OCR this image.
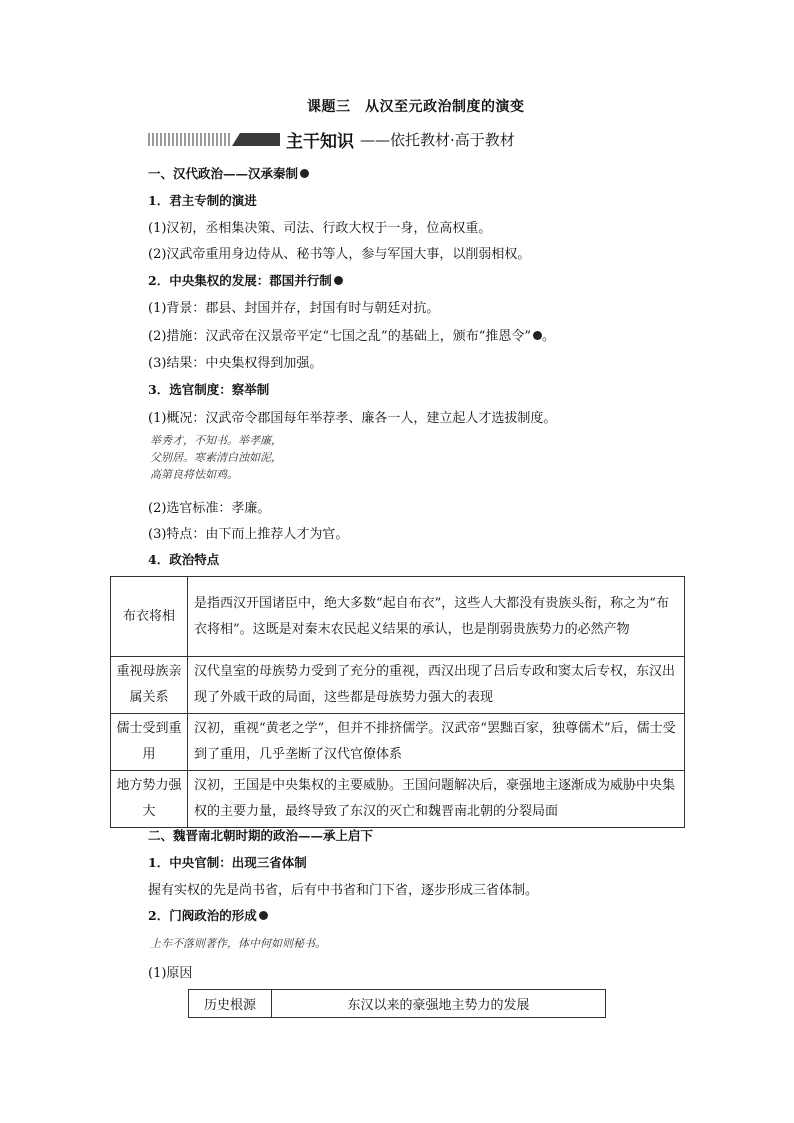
课题三　从汉至元政治制度的演变
主干知识 ——依托教材·高于教材
一、汉代政治——汉承秦制
1．君主专制的演进
(1)汉初，丞相集决策、司法、行政大权于一身，位高权重。
(2)汉武帝重用身边侍从、秘书等人，参与军国大事，以削弱相权。
2．中央集权的发展：郡国并行制
(1)背景：郡县、封国并存，封国有时与朝廷对抗。
(2)措施：汉武帝在汉景帝平定“七国之乱”的基础上，颁布“推恩令” 。
(3)结果：中央集权得到加强。
3．选官制度：察举制
(1)概况：汉武帝令郡国每年举荐孝、廉各一人，建立起人才选拔制度。
举秀才，不知书。举孝廉，
父别居。寒素清白浊如泥，
高第良将怯如鸡。
(2)选官标准：孝廉。
(3)特点：由下而上推荐人才为官。
4．政治特点
布衣将相	是指西汉开国诸臣中，绝大多数“起自布衣”，这些人大都没有贵族头衔，称之为“布衣将相”。这既是对秦末农民起义结果的承认，也是削弱贵族势力的必然产物
重视母族亲属关系	汉代皇室的母族势力受到了充分的重视，西汉出现了吕后专政和窦太后专权，东汉出现了外戚干政的局面，这些都是母族势力强大的表现
儒士受到重用	汉初，重视“黄老之学”，但并不排挤儒学。汉武帝“罢黜百家，独尊儒术”后，儒士受到了重用，几乎垄断了汉代官僚体系
地方势力强大	汉初，王国是中央集权的主要威胁。王国问题解决后，豪强地主逐渐成为威胁中央集权的主要力量，最终导致了东汉的灭亡和魏晋南北朝的分裂局面
二、魏晋南北朝时期的政治——承上启下
1．中央官制：出现三省体制
握有实权的先是尚书省，后有中书省和门下省，逐步形成三省体制。
2．门阀政治的形成
上车不落则著作，体中何如则秘书。
(1)原因
历史根源	东汉以来的豪强地主势力的发展
